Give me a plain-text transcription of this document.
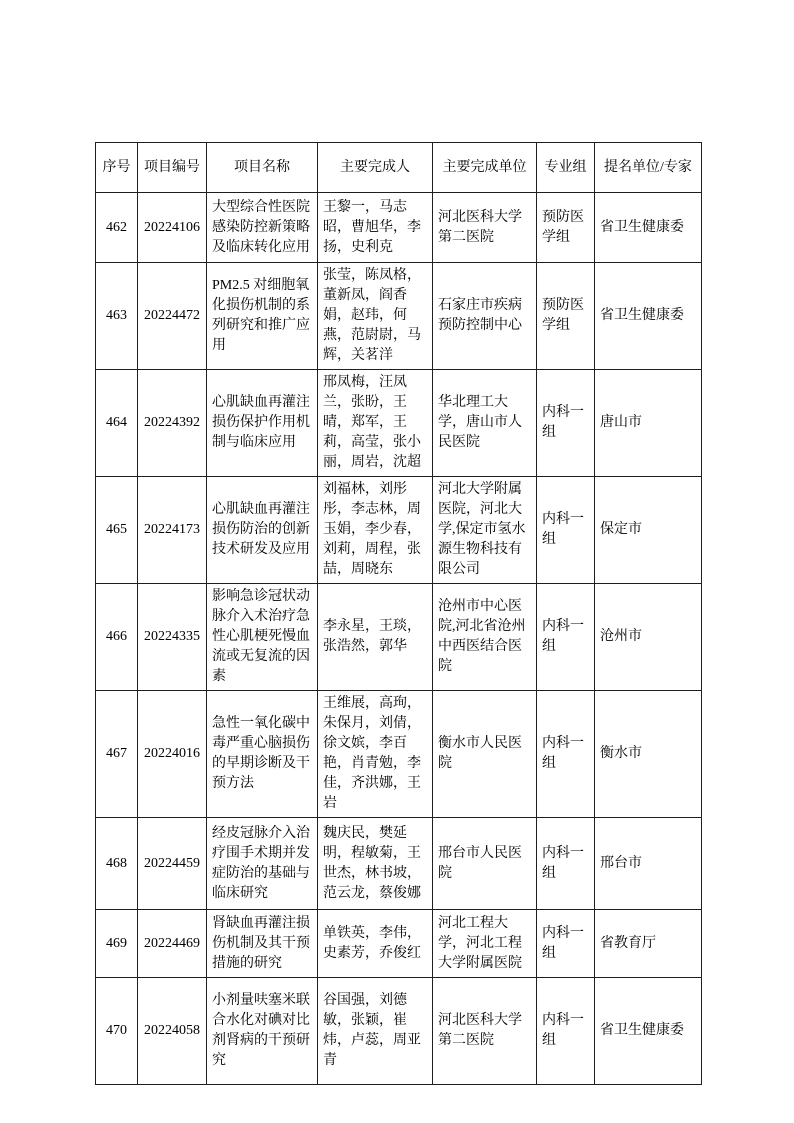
序号	项目编号	项目名称	主要完成人	主要完成单位	专业组	提名单位/专家
462	20224106	大型综合性医院感染防控新策略及临床转化应用	王黎一，马志昭，曹旭华，李扬，史利克	河北医科大学第二医院	预防医学组	省卫生健康委
463	20224472	PM2.5 对细胞氧化损伤机制的系列研究和推广应用	张莹，陈凤格，董新凤，阎香娟，赵玮，何燕，范尉尉，马辉，关茗洋	石家庄市疾病预防控制中心	预防医学组	省卫生健康委
464	20224392	心肌缺血再灌注损伤保护作用机制与临床应用	邢凤梅，汪凤兰，张盼，王晴，郑军，王莉，高莹，张小丽，周岩，沈超	华北理工大学，唐山市人民医院	内科一组	唐山市
465	20224173	心肌缺血再灌注损伤防治的创新技术研发及应用	刘福林，刘彤彤，李志林，周玉娟，李少春，刘莉，周程，张喆，周晓东	河北大学附属医院，河北大学,保定市氢水源生物科技有限公司	内科一组	保定市
466	20224335	影响急诊冠状动脉介入术治疗急性心肌梗死慢血流或无复流的因素	李永星，王琰，张浩然，郭华	沧州市中心医院,河北省沧州中西医结合医院	内科一组	沧州市
467	20224016	急性一氧化碳中毒严重心脑损伤的早期诊断及干预方法	王维展，高珣，朱保月，刘倩，徐文嫔，李百艳，肖青勉，李佳，齐洪娜，王岩	衡水市人民医院	内科一组	衡水市
468	20224459	经皮冠脉介入治疗围手术期并发症防治的基础与临床研究	魏庆民，樊延明，程敏菊，王世杰，林书坡，范云龙，蔡俊娜	邢台市人民医院	内科一组	邢台市
469	20224469	肾缺血再灌注损伤机制及其干预措施的研究	单铁英，李伟，史素芳，乔俊红	河北工程大学，河北工程大学附属医院	内科一组	省教育厅
470	20224058	小剂量呋塞米联合水化对碘对比剂肾病的干预研究	谷国强，刘德敏，张颖，崔炜，卢蕊，周亚青	河北医科大学第二医院	内科一组	省卫生健康委
